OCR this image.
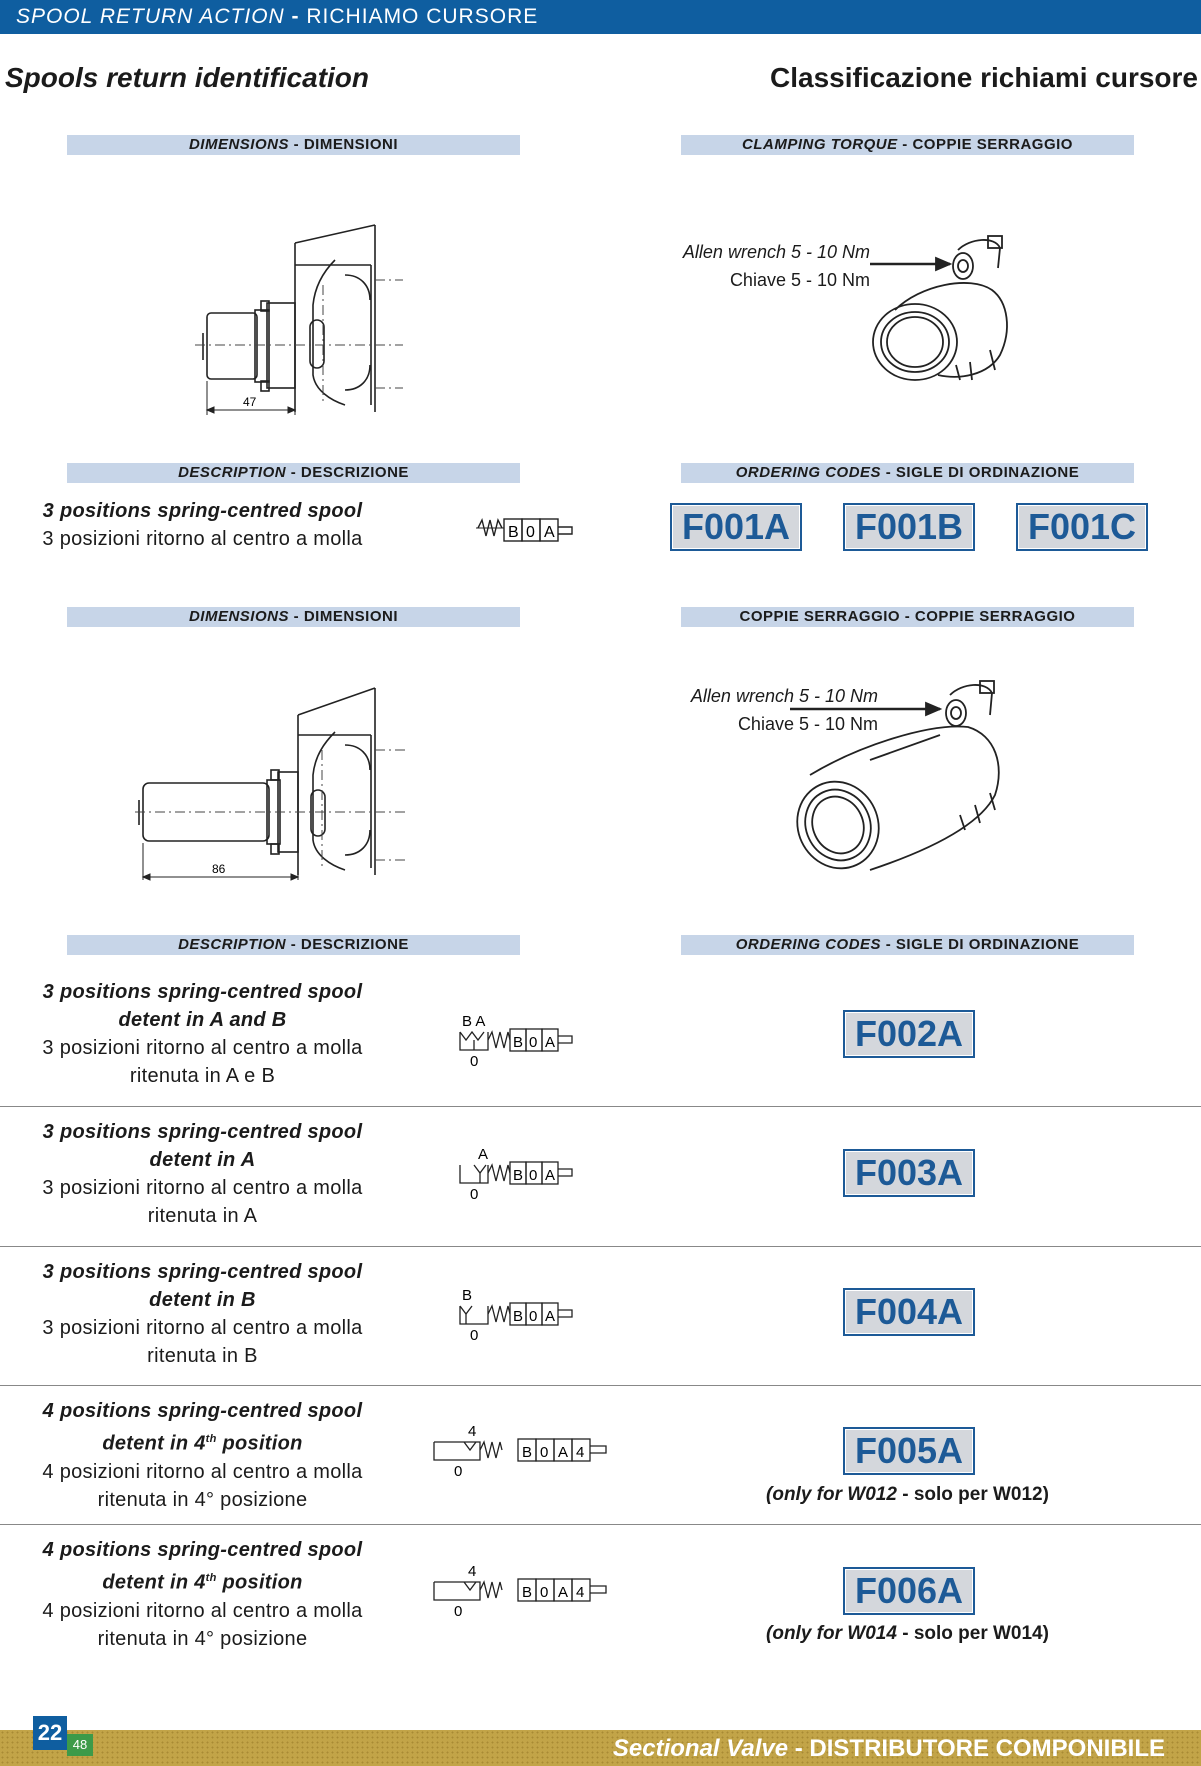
SPOOL RETURN ACTION - RICHIAMO CURSORE
Spools return identification	Classificazione richiami cursore
DIMENSIONS - DIMENSIONI	CLAMPING TORQUE - COPPIE SERRAGGIO
47
Allen wrench 5 - 10 Nm
Chiave 5 - 10 Nm
DESCRIPTION - DESCRIZIONE	ORDERING CODES - SIGLE DI ORDINAZIONE
3 positions spring-centred spool
3 posizioni ritorno al centro a molla	B 0 A	F001A	F001B	F001C
DIMENSIONS - DIMENSIONI	COPPIE SERRAGGIO - COPPIE SERRAGGIO
86
Allen wrench 5 - 10 Nm
Chiave 5 - 10 Nm
DESCRIPTION - DESCRIZIONE	ORDERING CODES - SIGLE DI ORDINAZIONE
3 positions spring-centred spool
detent in A and B
3 posizioni ritorno al centro a molla
ritenuta in A e B
B A
0
B 0 A	F002A
3 positions spring-centred spool
detent in A
3 posizioni ritorno al centro a molla
ritenuta in A
A
0
B 0 A	F003A
3 positions spring-centred spool
detent in B
3 posizioni ritorno al centro a molla
ritenuta in B
B
0
B 0 A	F004A
4 positions spring-centred spool
detent in 4th position
4 posizioni ritorno al centro a molla
ritenuta in 4° posizione
4
0
B 0 A 4	F005A
(only for W012 - solo per W012)
4 positions spring-centred spool
detent in 4th position
4 posizioni ritorno al centro a molla
ritenuta in 4° posizione
4
0
B 0 A 4	F006A
(only for W014 - solo per W014)
Sectional Valve - DISTRIBUTORE COMPONIBILE
22 48
